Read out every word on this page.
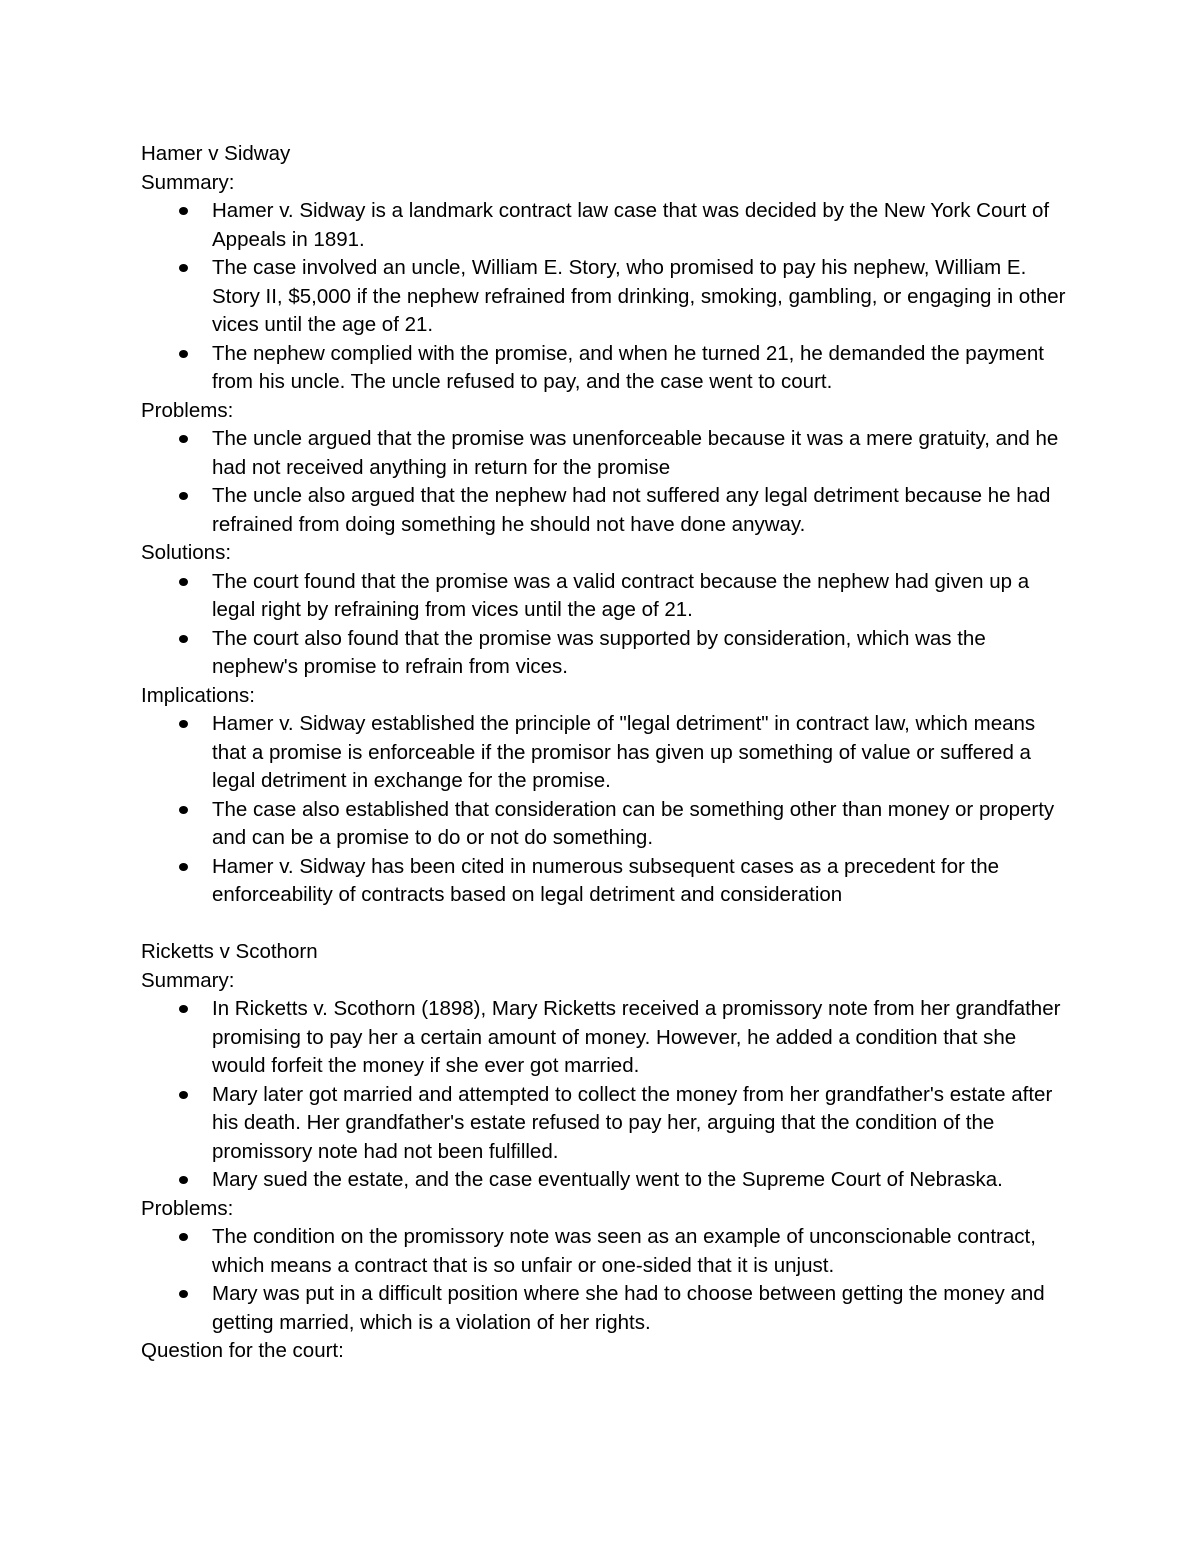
Hamer v Sidway
Summary:
Hamer v. Sidway is a landmark contract law case that was decided by the New York Court of Appeals in 1891.
The case involved an uncle, William E. Story, who promised to pay his nephew, William E. Story II, $5,000 if the nephew refrained from drinking, smoking, gambling, or engaging in other vices until the age of 21.
The nephew complied with the promise, and when he turned 21, he demanded the payment from his uncle. The uncle refused to pay, and the case went to court.
Problems:
The uncle argued that the promise was unenforceable because it was a mere gratuity, and he had not received anything in return for the promise
The uncle also argued that the nephew had not suffered any legal detriment because he had refrained from doing something he should not have done anyway.
Solutions:
The court found that the promise was a valid contract because the nephew had given up a legal right by refraining from vices until the age of 21.
The court also found that the promise was supported by consideration, which was the nephew's promise to refrain from vices.
Implications:
Hamer v. Sidway established the principle of "legal detriment" in contract law, which means that a promise is enforceable if the promisor has given up something of value or suffered a legal detriment in exchange for the promise.
The case also established that consideration can be something other than money or property and can be a promise to do or not do something.
Hamer v. Sidway has been cited in numerous subsequent cases as a precedent for the enforceability of contracts based on legal detriment and consideration
Ricketts v Scothorn
Summary:
In Ricketts v. Scothorn (1898), Mary Ricketts received a promissory note from her grandfather promising to pay her a certain amount of money. However, he added a condition that she would forfeit the money if she ever got married.
Mary later got married and attempted to collect the money from her grandfather's estate after his death. Her grandfather's estate refused to pay her, arguing that the condition of the promissory note had not been fulfilled.
Mary sued the estate, and the case eventually went to the Supreme Court of Nebraska.
Problems:
The condition on the promissory note was seen as an example of unconscionable contract, which means a contract that is so unfair or one-sided that it is unjust.
Mary was put in a difficult position where she had to choose between getting the money and getting married, which is a violation of her rights.
Question for the court:
